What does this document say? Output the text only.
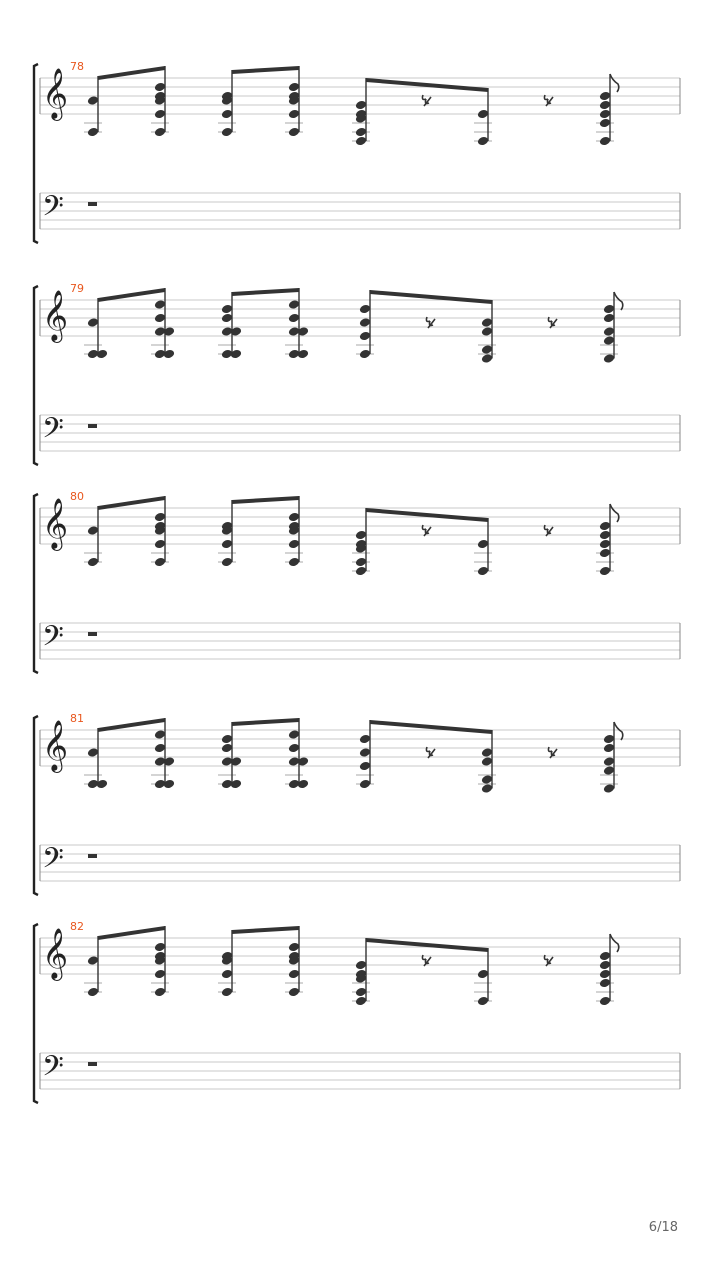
𝄞
𝄢
78
𝄞
𝄢
79
𝄞
𝄢
80
𝄞
𝄢
81
𝄞
𝄢
82
6/18
